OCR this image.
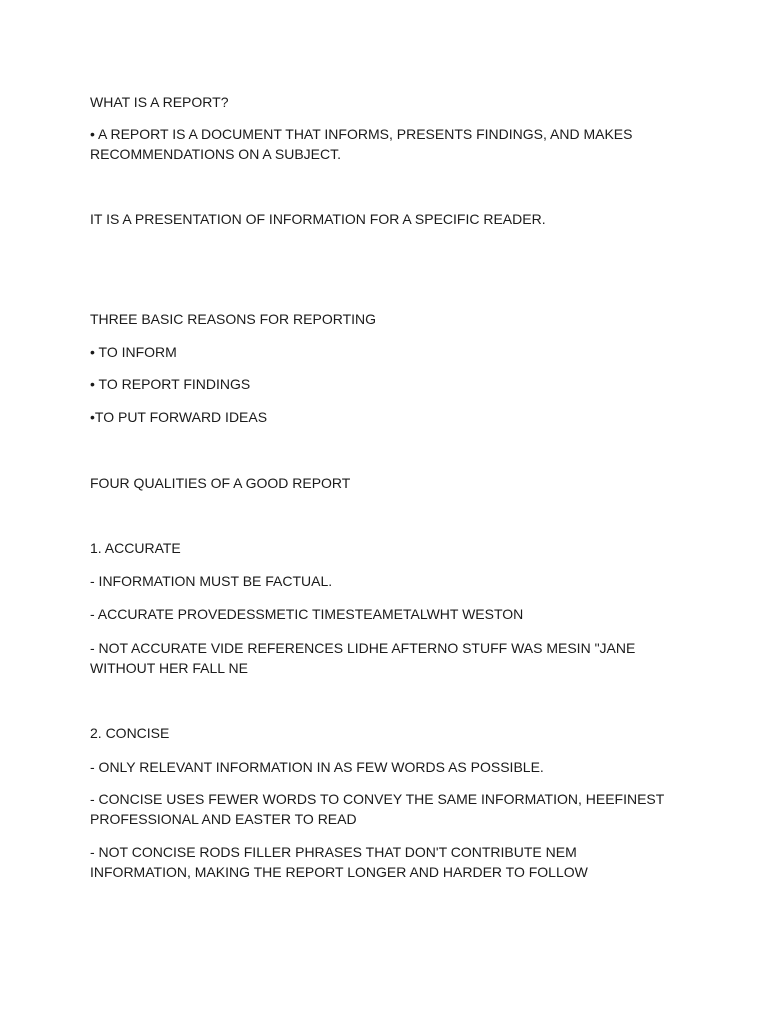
WHAT IS A REPORT?

• A REPORT IS A DOCUMENT THAT INFORMS, PRESENTS FINDINGS, AND MAKES RECOMMENDATIONS ON A SUBJECT.

IT IS A PRESENTATION OF INFORMATION FOR A SPECIFIC READER.

THREE BASIC REASONS FOR REPORTING

• TO INFORM

• TO REPORT FINDINGS

•TO PUT FORWARD IDEAS

FOUR QUALITIES OF A GOOD REPORT

1. ACCURATE

- INFORMATION MUST BE FACTUAL.

- ACCURATE PROVEDESSMETIC TIMESTEAMETALWHT WESTON

- NOT ACCURATE VIDE REFERENCES LIDHE AFTERNO STUFF WAS MESIN "JANE WITHOUT HER FALL NE

2. CONCISE

- ONLY RELEVANT INFORMATION IN AS FEW WORDS AS POSSIBLE.

- CONCISE USES FEWER WORDS TO CONVEY THE SAME INFORMATION, HEEFINEST PROFESSIONAL AND EASTER TO READ

- NOT CONCISE RODS FILLER PHRASES THAT DON'T CONTRIBUTE NEM INFORMATION, MAKING THE REPORT LONGER AND HARDER TO FOLLOW
